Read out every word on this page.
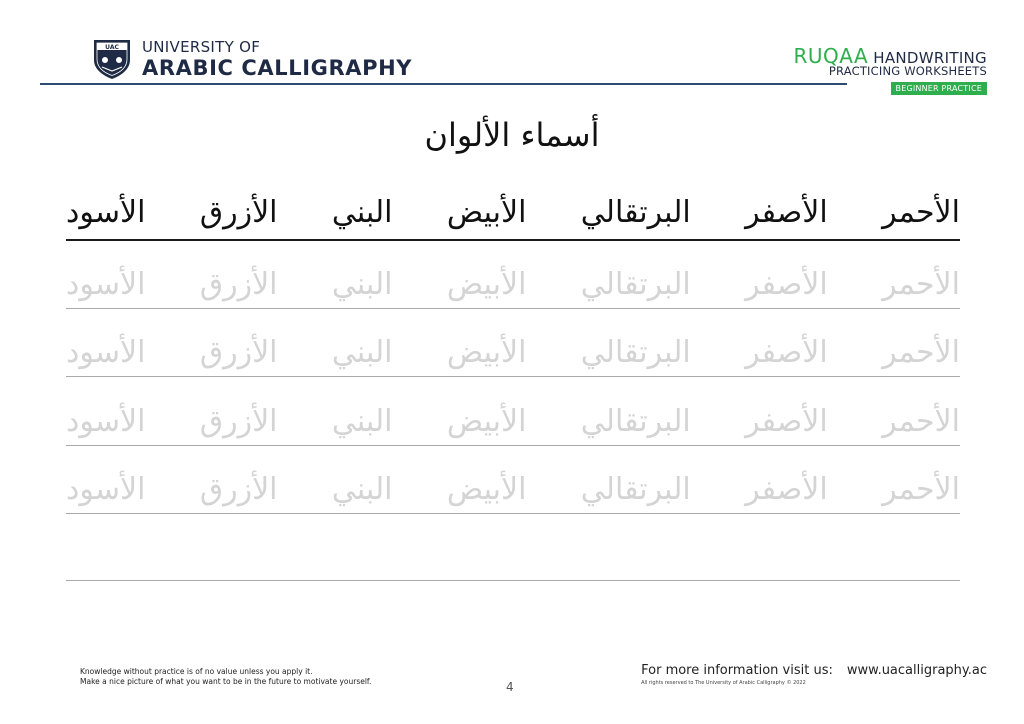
UAC UNIVERSITY OF
ARABIC CALLIGRAPHY	RUQAA HANDWRITING
PRACTICING WORKSHEETS
BEGINNER PRACTICE
أسماء الألوان
الأحمر
الأصفر
البرتقالي
الأبيض
البني
الأزرق
الأسود
الأحمر
الأصفر
البرتقالي
الأبيض
البني
الأزرق
الأسود
الأحمر
الأصفر
البرتقالي
الأبيض
البني
الأزرق
الأسود
الأحمر
الأصفر
البرتقالي
الأبيض
البني
الأزرق
الأسود
الأحمر
الأصفر
البرتقالي
الأبيض
البني
الأزرق
الأسود
Knowledge without practice is of no value unless you apply it.
Make a nice picture of what you want to be in the future to motivate yourself.	4
For more information visit us: www.uacalligraphy.ac
All rights reserved to The University of Arabic Calligraphy © 2022
